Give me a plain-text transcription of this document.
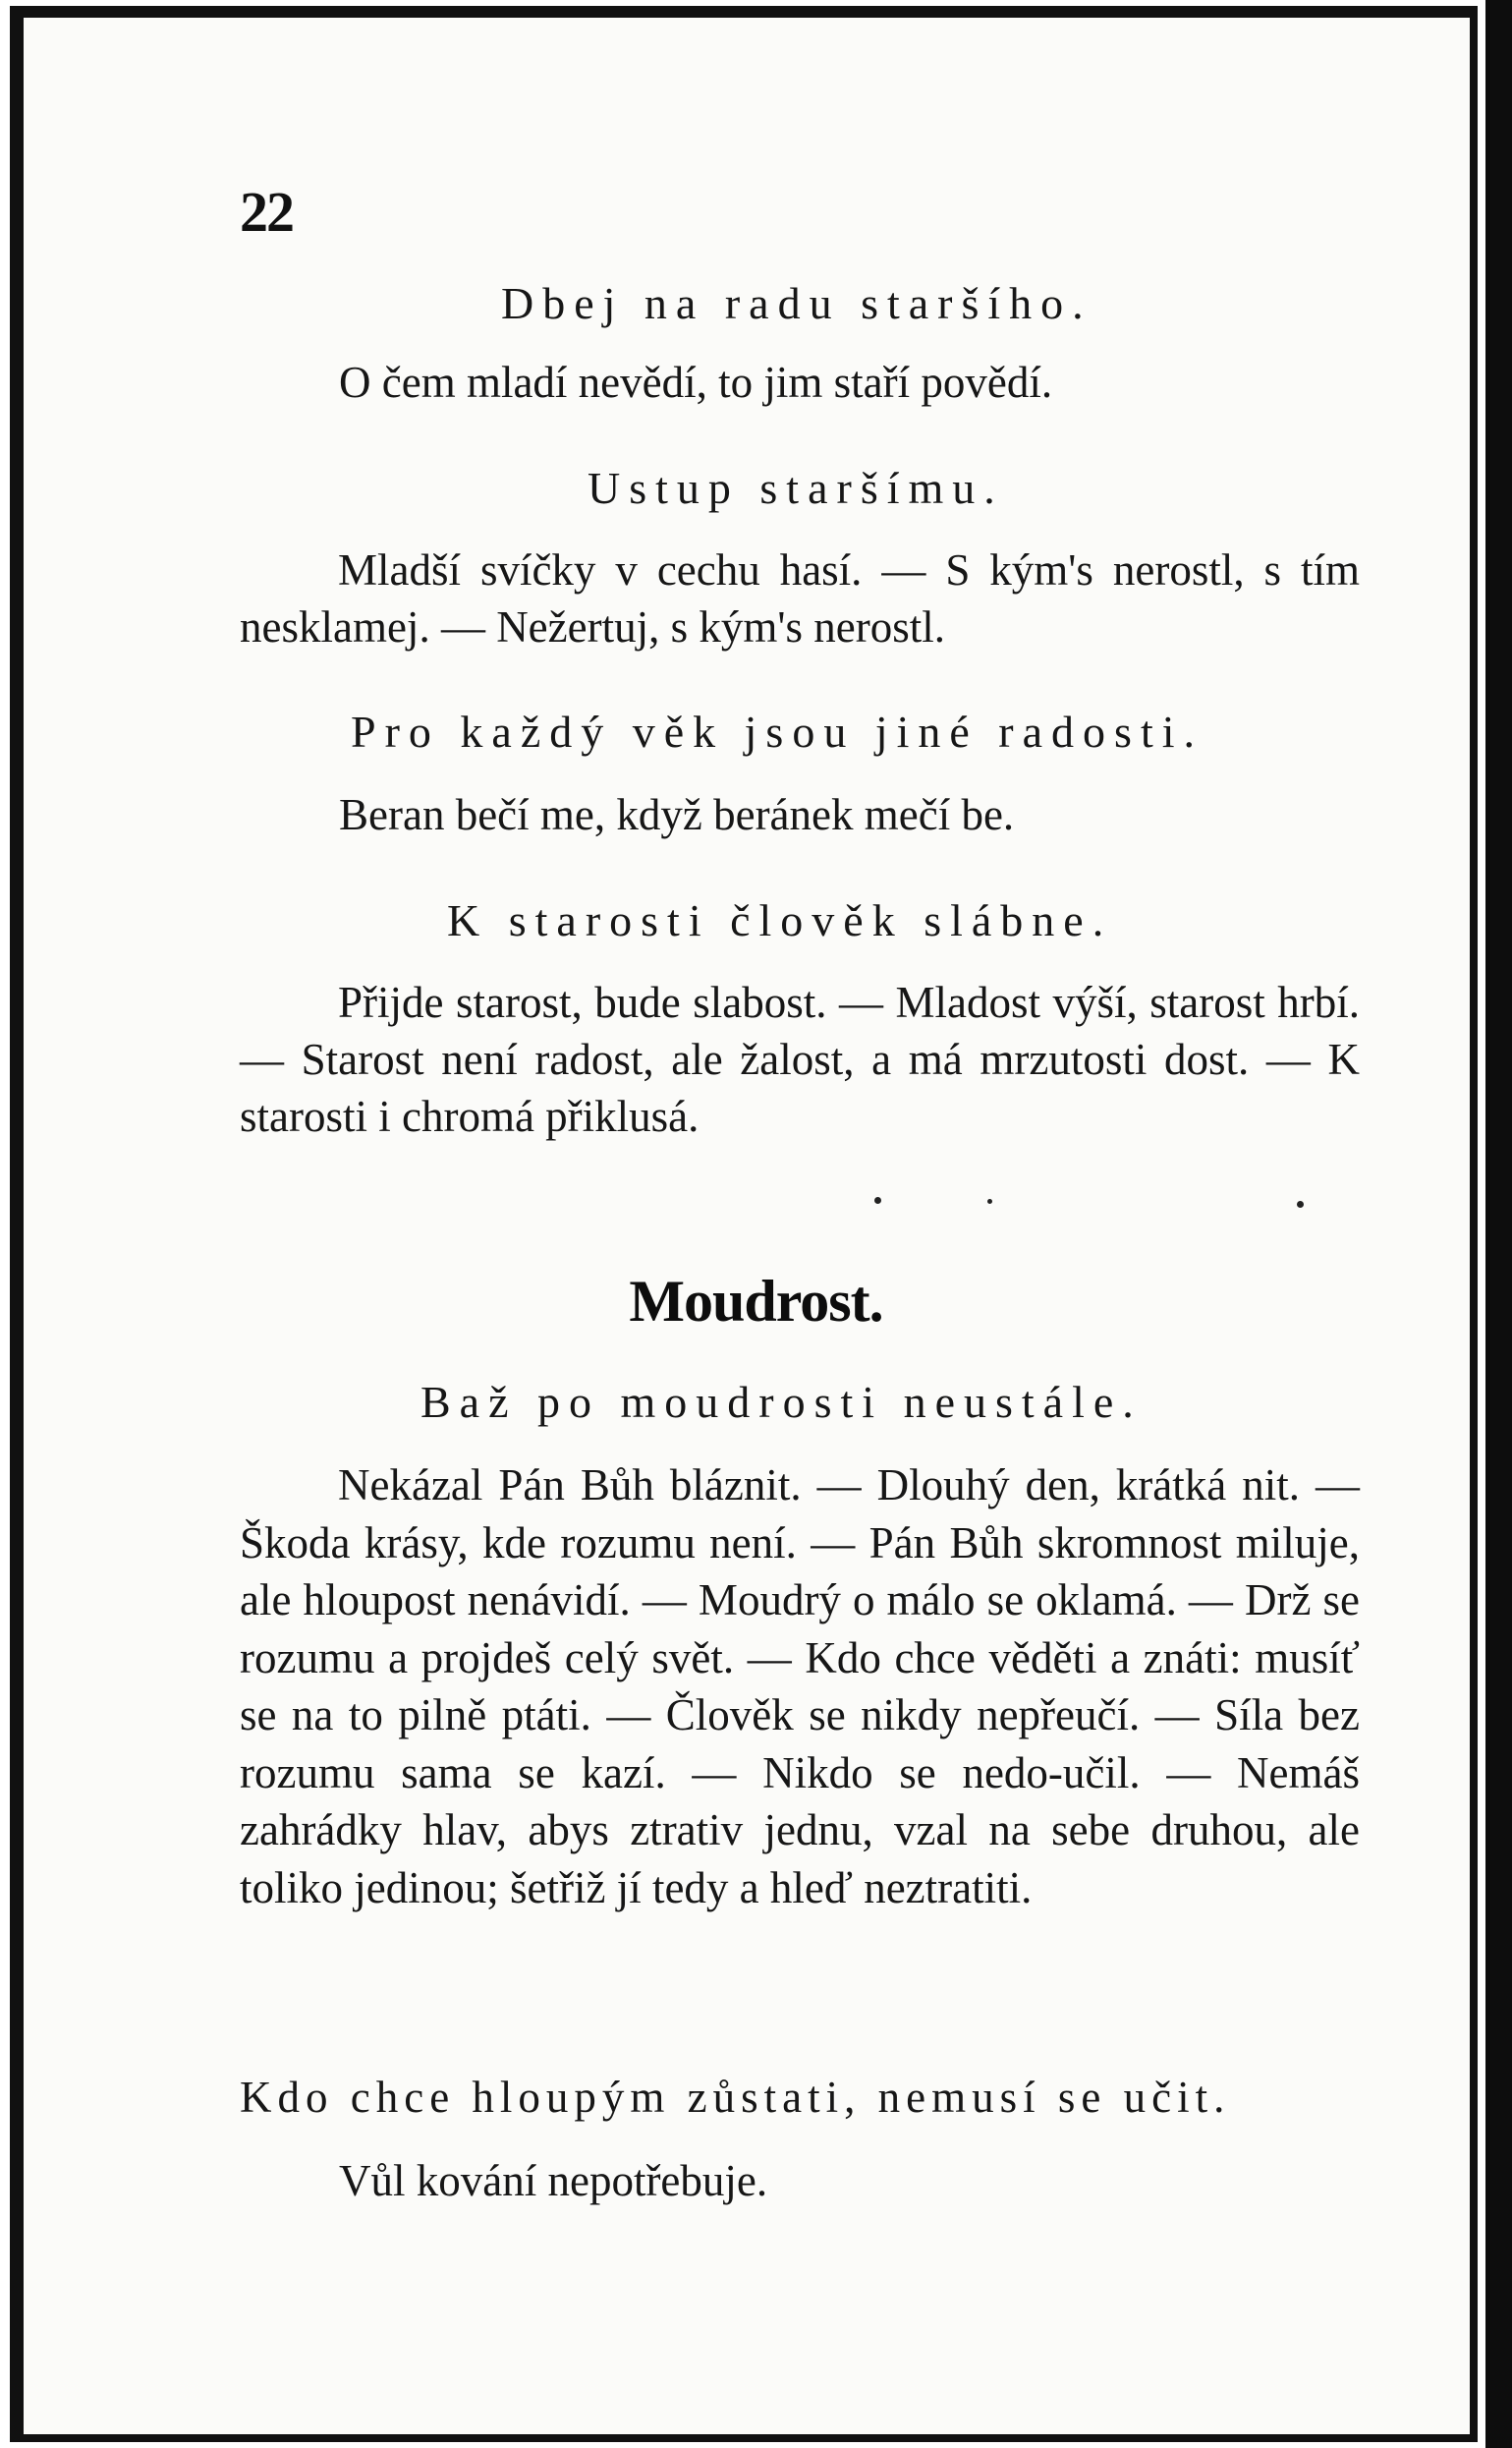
22
Dbej na radu staršího.
O čem mladí nevědí, to jim staří povědí.
Ustup staršímu.
Mladší svíčky v cechu hasí. — S kým's nerostl, s tím nesklamej. — Nežertuj, s kým's nerostl.
Pro každý věk jsou jiné radosti.
Beran bečí me, když beránek mečí be.
K starosti člověk slábne.
Přijde starost, bude slabost. — Mladost výší, starost hrbí. — Starost není radost, ale žalost, a má mrzutosti dost. — K starosti i chromá přiklusá.
Moudrost.
Baž po moudrosti neustále.
Nekázal Pán Bůh bláznit. — Dlouhý den, krátká nit. — Škoda krásy, kde rozumu není. — Pán Bůh skromnost miluje, ale hloupost nenávidí. — Moudrý o málo se oklamá. — Drž se rozumu a projdeš celý svět. — Kdo chce věděti a znáti: musíť se na to pilně ptáti. — Člověk se nikdy nepřeučí. — Síla bez rozumu sama se kazí. — Nikdo se nedo-učil. — Nemáš zahrádky hlav, abys ztrativ jednu, vzal na sebe druhou, ale toliko jedinou; šetřiž jí tedy a hleď neztratiti.
Kdo chce hloupým zůstati, nemusí se učit.
Vůl kování nepotřebuje.
